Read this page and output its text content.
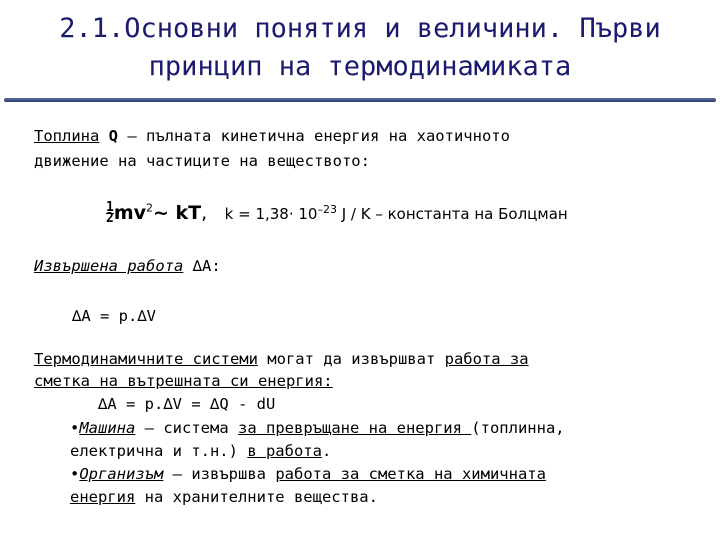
2.1.Основни понятия и величини. Първи
принцип на термодинамиката
Топлина Q – пълната кинетична енергия на хаотичното
движение на частиците на веществото:
$\frac{1}{2}$ $mv^2\sim$ kT, $k = 1,38\cdot 10^{-23}$ J / K – константа на Болцман
Извършена работа ∆A:
∆A = p.∆V
Термодинамичните системи могат да извършват работа за
сметка на вътрешната си енергия:
∆A = p.∆V = ∆Q - dU
•Машина – система за превръщане на енергия (топлинна,
електрична и т.н.) в работа.
•Организъм – извършва работа за сметка на химичната
енергия на хранителните вещества.
